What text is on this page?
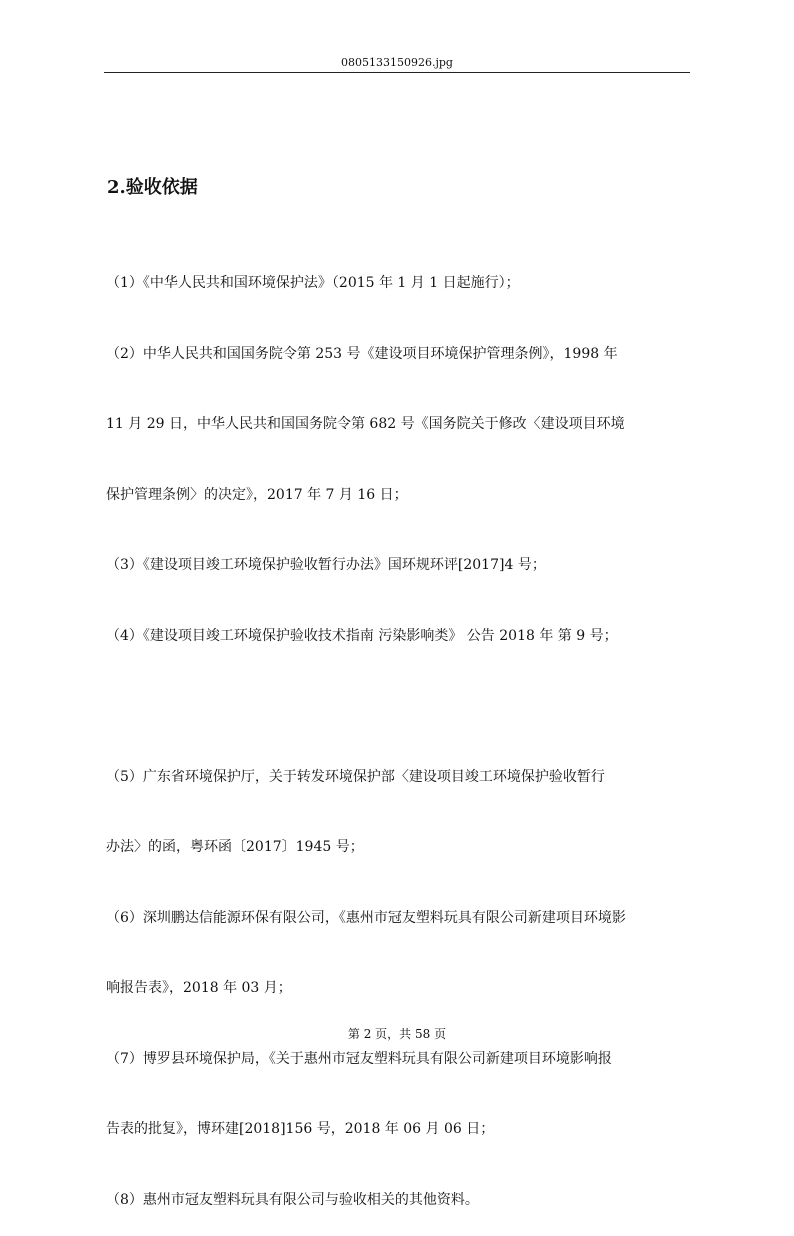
0805133150926.jpg
2.验收依据

（1）《中华人民共和国环境保护法》（2015 年 1 月 1 日起施行）；

（2）中华人民共和国国务院令第 253 号《建设项目环境保护管理条例》，1998 年

11 月 29 日，中华人民共和国国务院令第 682 号《国务院关于修改〈建设项目环境

保护管理条例〉的决定》，2017 年 7 月 16 日；

（3）《建设项目竣工环境保护验收暂行办法》国环规环评[2017]4 号；

（4）《建设项目竣工环境保护验收技术指南 污染影响类》 公告 2018 年 第 9 号；

（5）广东省环境保护厅，关于转发环境保护部〈建设项目竣工环境保护验收暂行

办法〉的函，粤环函〔2017〕1945 号；

（6）深圳鹏达信能源环保有限公司，《惠州市冠友塑料玩具有限公司新建项目环境影

响报告表》，2018 年 03 月；

（7）博罗县环境保护局，《关于惠州市冠友塑料玩具有限公司新建项目环境影响报

告表的批复》，博环建[2018]156 号，2018 年 06 月 06 日；

（8）惠州市冠友塑料玩具有限公司与验收相关的其他资料。

第 2 页，共 58 页
